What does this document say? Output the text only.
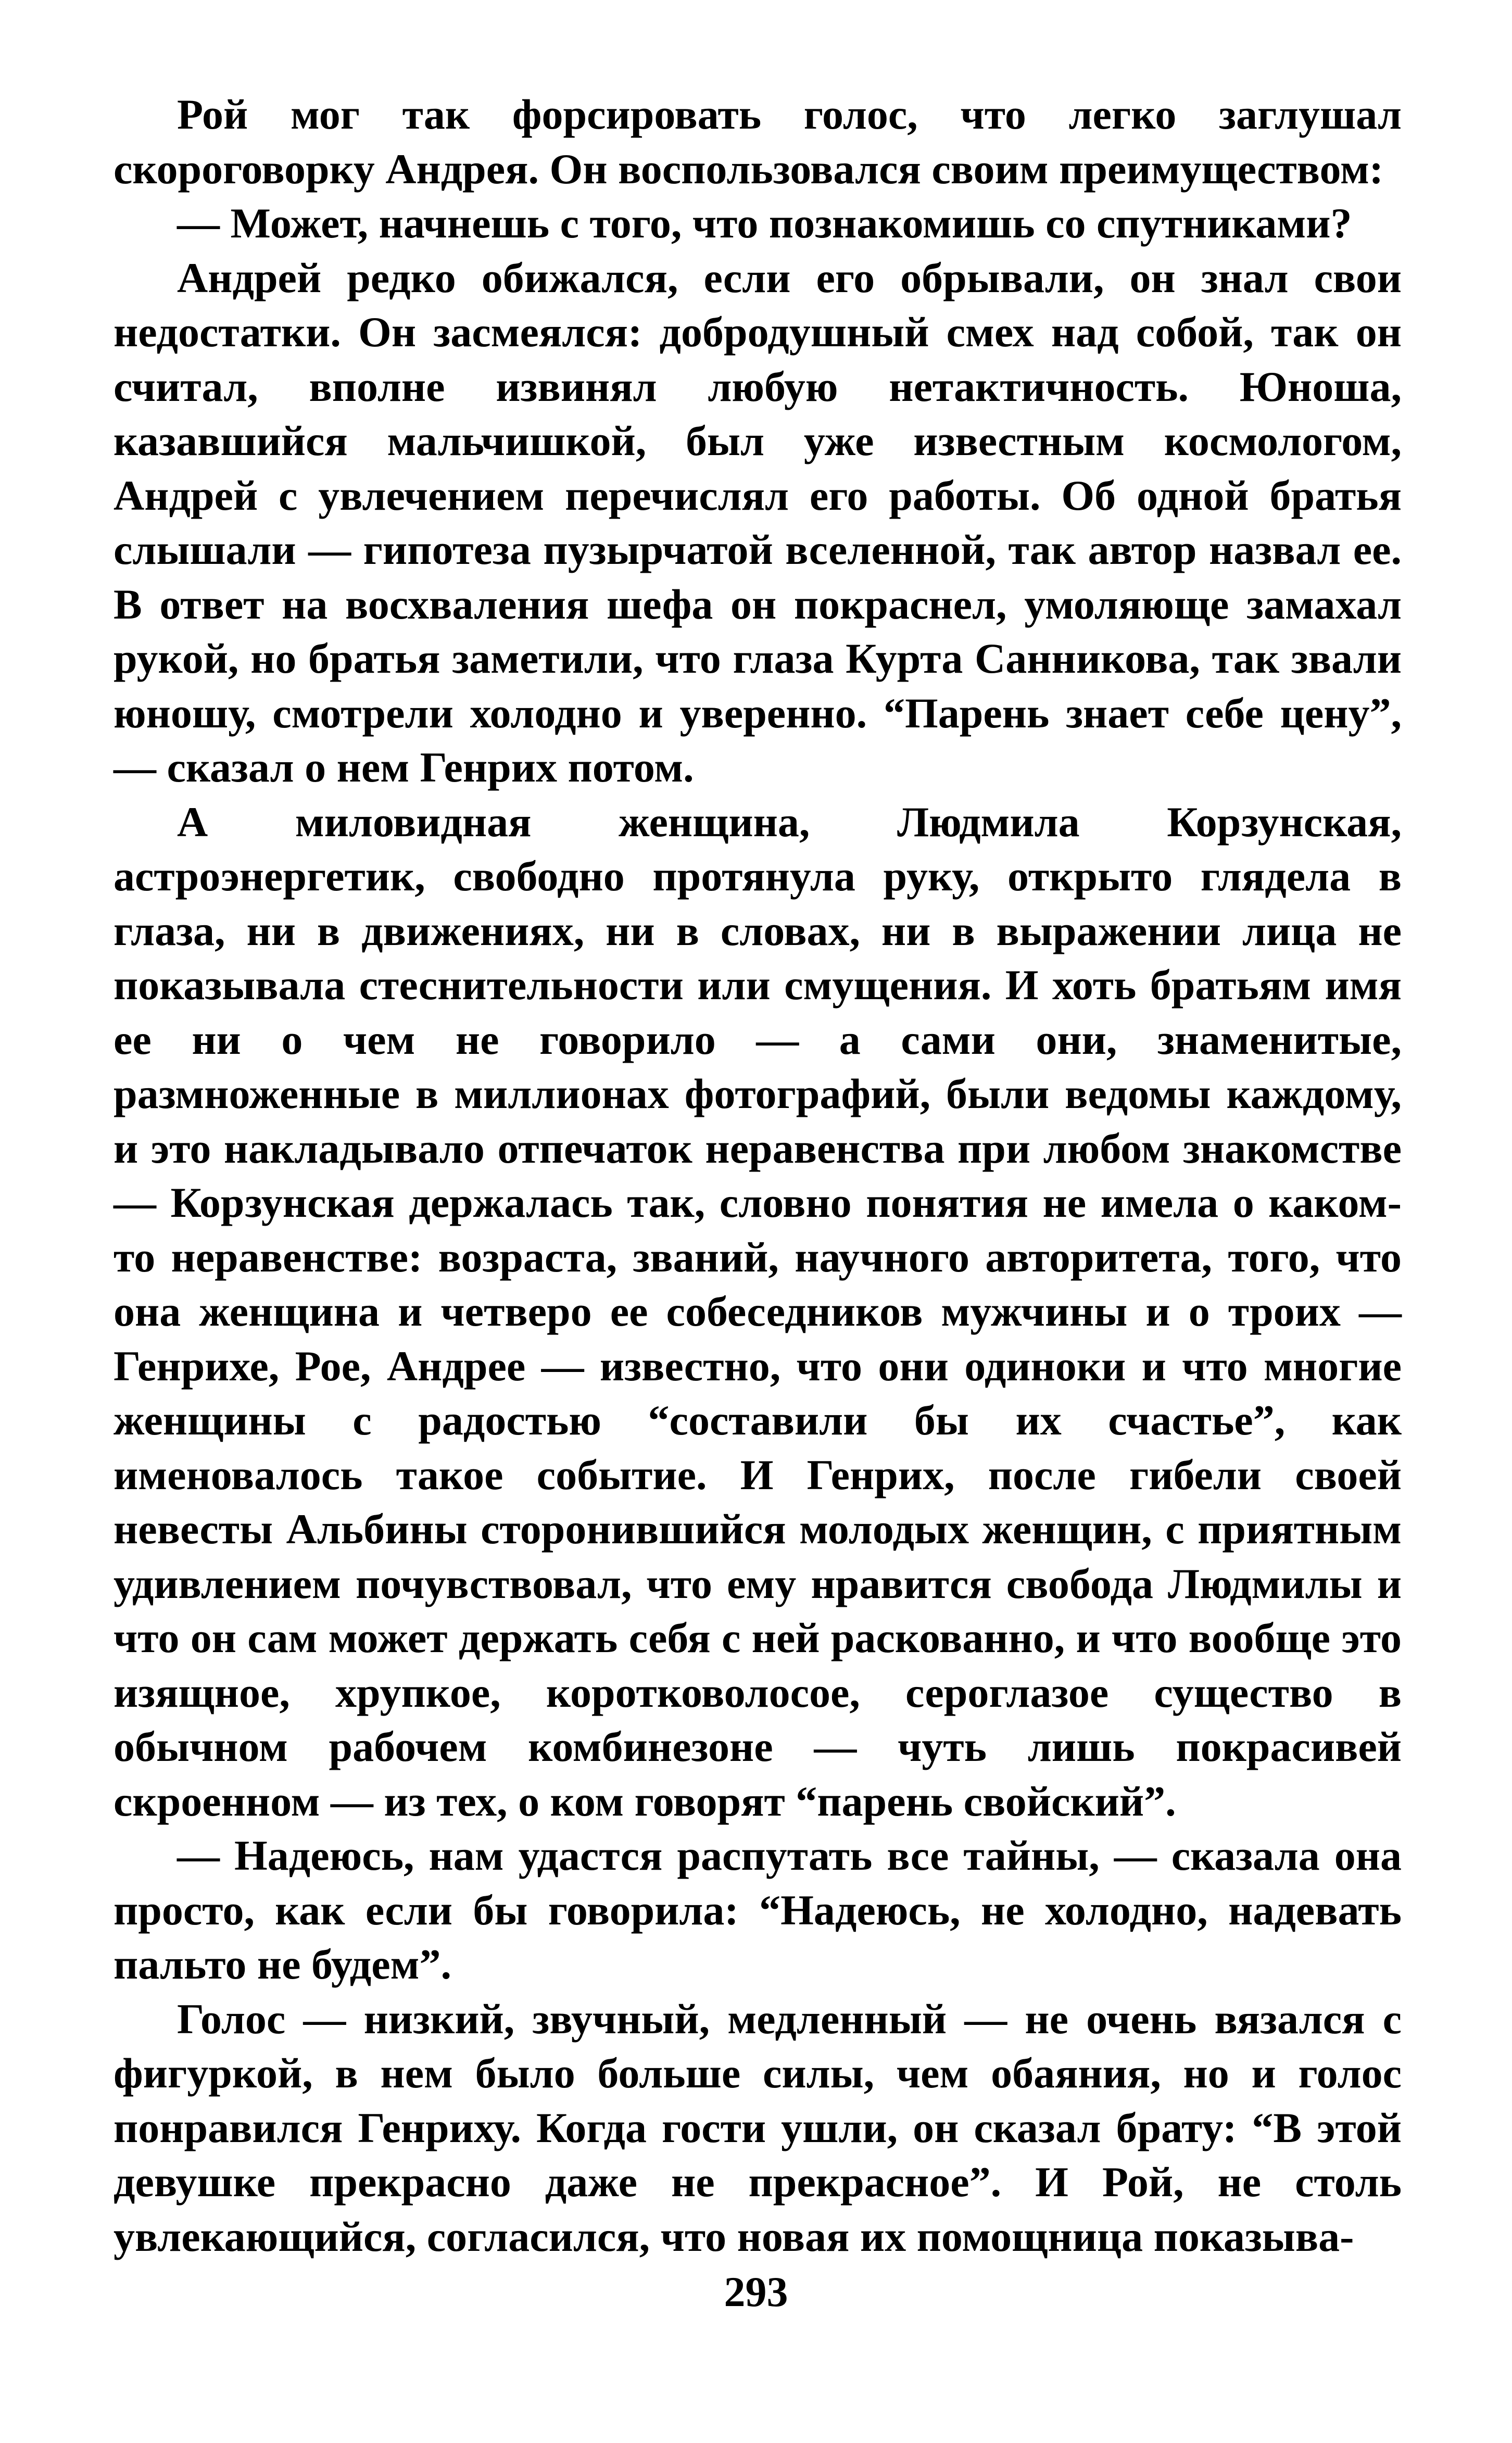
Рой мог так форсировать голос, что легко заглушал скороговорку Андрея. Он воспользовался своим преимуществом:

— Может, начнешь с того, что познакомишь со спутниками?

Андрей редко обижался, если его обрывали, он знал свои недостатки. Он засмеялся: добродушный смех над собой, так он считал, вполне извинял любую нетактичность. Юноша, казавшийся мальчишкой, был уже известным космологом, Андрей с увлечением перечислял его работы. Об одной братья слышали — гипотеза пузырчатой вселенной, так автор назвал ее. В ответ на восхваления шефа он покраснел, умоляюще замахал рукой, но братья заметили, что глаза Курта Санникова, так звали юношу, смотрели холодно и уверенно. “Парень знает себе цену”, — сказал о нем Генрих потом.

А миловидная женщина, Людмила Корзунская, астроэнергетик, свободно протянула руку, открыто глядела в глаза, ни в движениях, ни в словах, ни в выражении лица не показывала стеснительности или смущения. И хоть братьям имя ее ни о чем не говорило — а сами они, знаменитые, размноженные в миллионах фотографий, были ведомы каждому, и это накладывало отпечаток неравенства при любом знакомстве — Корзунская держалась так, словно понятия не имела о каком-то неравенстве: возраста, званий, научного авторитета, того, что она женщина и четверо ее собеседников мужчины и о троих — Генрихе, Рое, Андрее — известно, что они одиноки и что многие женщины с радостью “составили бы их счастье”, как именовалось такое событие. И Генрих, после гибели своей невесты Альбины сторонившийся молодых женщин, с приятным удивлением почувствовал, что ему нравится свобода Людмилы и что он сам может держать себя с ней раскованно, и что вообще это изящное, хрупкое, коротковолосое, сероглазое существо в обычном рабочем комбинезоне — чуть лишь покрасивей скроенном — из тех, о ком говорят “парень свойский”.

— Надеюсь, нам удастся распутать все тайны, — сказала она просто, как если бы говорила: “Надеюсь, не холодно, надевать пальто не будем”.

Голос — низкий, звучный, медленный — не очень вязался с фигуркой, в нем было больше силы, чем обаяния, но и голос понравился Генриху. Когда гости ушли, он сказал брату: “В этой девушке прекрасно даже не прекрасное”. И Рой, не столь увлекающийся, согласился, что новая их помощница показыва-

293
